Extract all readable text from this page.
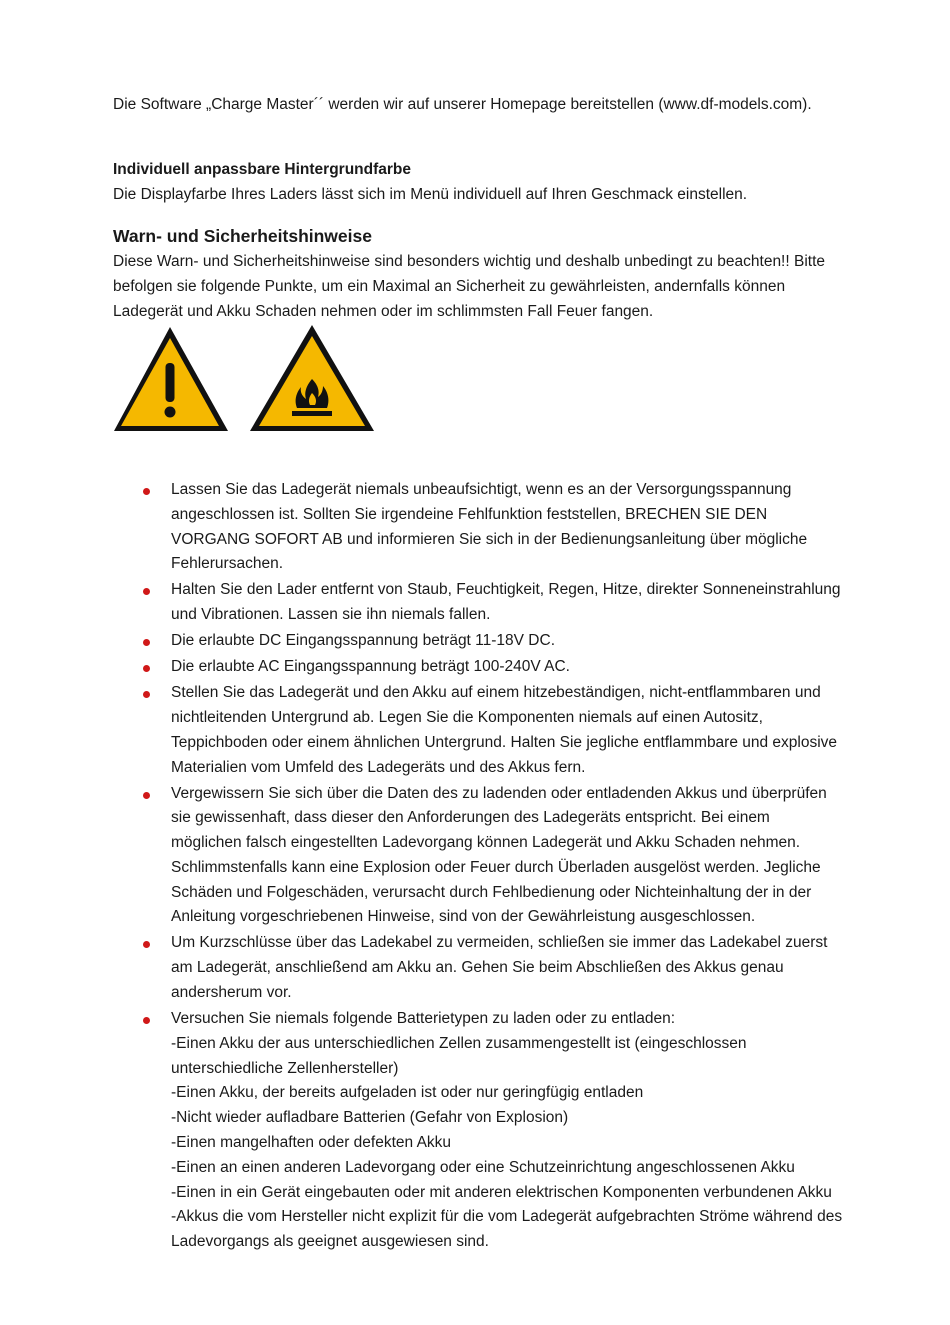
Die Software „Charge Master´´ werden wir auf unserer Homepage bereitstellen (www.df-models.com).

Individuell anpassbare Hintergrundfarbe

Die Displayfarbe Ihres Laders lässt sich im Menü individuell auf Ihren Geschmack einstellen.

Warn- und Sicherheitshinweise

Diese Warn- und Sicherheitshinweise sind besonders wichtig und deshalb unbedingt zu beachten!! Bitte befolgen sie folgende Punkte, um ein Maximal an Sicherheit zu gewährleisten, andernfalls können Ladegerät und Akku Schaden nehmen oder im schlimmsten Fall Feuer fangen.

Lassen Sie das Ladegerät niemals unbeaufsichtigt, wenn es an der Versorgungsspannung angeschlossen ist. Sollten Sie irgendeine Fehlfunktion feststellen, BRECHEN SIE DEN VORGANG SOFORT AB und informieren Sie sich in der Bedienungsanleitung über mögliche Fehlerursachen.
Halten Sie den Lader entfernt von Staub, Feuchtigkeit, Regen, Hitze, direkter Sonneneinstrahlung und Vibrationen. Lassen sie ihn niemals fallen.
Die erlaubte DC Eingangsspannung beträgt 11-18V DC.
Die erlaubte AC Eingangsspannung beträgt 100-240V AC.
Stellen Sie das Ladegerät und den Akku auf einem hitzebeständigen, nicht-entflammbaren und nichtleitenden Untergrund ab. Legen Sie die Komponenten niemals auf einen Autositz, Teppichboden oder einem ähnlichen Untergrund. Halten Sie jegliche entflammbare und explosive Materialien vom Umfeld des Ladegeräts und des Akkus fern.
Vergewissern Sie sich über die Daten des zu ladenden oder entladenden Akkus und überprüfen sie gewissenhaft, dass dieser den Anforderungen des Ladegeräts entspricht. Bei einem möglichen falsch eingestellten Ladevorgang können Ladegerät und Akku Schaden nehmen. Schlimmstenfalls kann eine Explosion oder Feuer durch Überladen ausgelöst werden. Jegliche Schäden und Folgeschäden, verursacht durch Fehlbedienung oder Nichteinhaltung der in der Anleitung vorgeschriebenen Hinweise, sind von der Gewährleistung ausgeschlossen.
Um Kurzschlüsse über das Ladekabel zu vermeiden, schließen sie immer das Ladekabel zuerst am Ladegerät, anschließend am Akku an. Gehen Sie beim Abschließen des Akkus genau andersherum vor.
Versuchen Sie niemals folgende Batterietypen zu laden oder zu entladen:
-Einen Akku der aus unterschiedlichen Zellen zusammengestellt ist (eingeschlossen unterschiedliche Zellenhersteller)
-Einen Akku, der bereits aufgeladen ist oder nur geringfügig entladen
-Nicht wieder aufladbare Batterien (Gefahr von Explosion)
-Einen mangelhaften oder defekten Akku
-Einen an einen anderen Ladevorgang oder eine Schutzeinrichtung angeschlossenen Akku
-Einen in ein Gerät eingebauten oder mit anderen elektrischen Komponenten verbundenen Akku
-Akkus die vom Hersteller nicht explizit für die vom Ladegerät aufgebrachten Ströme während des Ladevorgangs als geeignet ausgewiesen sind.
